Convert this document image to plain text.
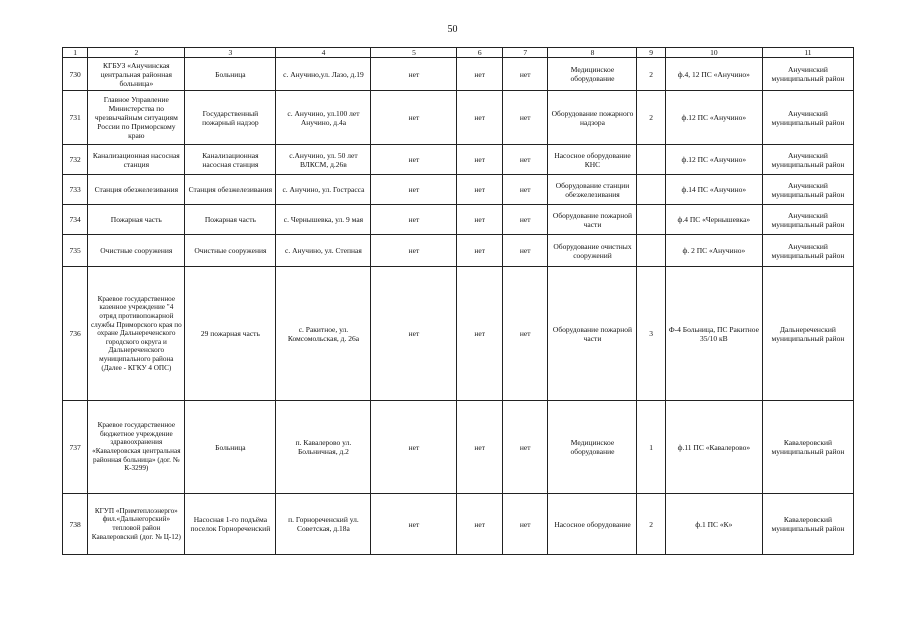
50
1	2	3	4	5	6	7	8	9	10	11
730	КГБУЗ «Анучинская центральная районная больница»	Больница	с. Анучино,ул. Лазо, д.19	нет	нет	нет	Медицинское оборудование	2	ф.4, 12 ПС «Анучино»	Анучинский муниципальный район
731	Главное Управление Министерства по чрезвычайным ситуациям России по Приморскому краю	Государственный пожарный надзор	с. Анучино, ул.100 лет Анучино, д.4а	нет	нет	нет	Оборудование пожарного надзора	2	ф.12 ПС «Анучино»	Анучинский муниципальный район
732	Канализационная насосная станция	Канализационная насосная станция	с.Анучино, ул. 50 лет ВЛКСМ, д.26в	нет	нет	нет	Насосное оборудование КНС		ф.12 ПС «Анучино»	Анучинский муниципальный район
733	Станция обезжелезивания	Станция обезжелезивания	с. Анучино, ул. Гострасса	нет	нет	нет	Оборудование станции обезжелезивания		ф.14 ПС «Анучино»	Анучинский муниципальный район
734	Пожарная часть	Пожарная часть	с. Чернышевка, ул. 9 мая	нет	нет	нет	Оборудование пожарной части		ф.4 ПС «Чернышевка»	Анучинский муниципальный район
735	Очистные сооружения	Очистные сооружения	с. Анучино, ул. Степная	нет	нет	нет	Оборудование очистных сооружений		ф. 2 ПС «Анучино»	Анучинский муниципальный район
736	Краевое государственное казенное учреждение "4 отряд противопожарной службы Приморского края по охране Дальнереченского городского округа и Дальнереченского муниципального района (Далее - КГКУ 4 ОПС)	29 пожарная часть	с. Ракитное, ул. Комсомольская, д. 26а	нет	нет	нет	Оборудование пожарной части	3	Ф-4 Больница, ПС Ракитное 35/10 кВ	Дальнереченский муниципальный район
737	Краевое государственное бюджетное учреждение здравоохранения «Кавалеровская центральная районная больница» (дог. № К-3299)	Больница	п. Кавалерово ул. Больничная, д.2	нет	нет	нет	Медицинское оборудование	1	ф.11 ПС «Кавалерово»	Кавалеровский муниципальный район
738	КГУП «Примтеплоэнерго» фил.«Дальнегорский» тепловой район Кавалеровский (дог. № Ц-12)	Насосная 1-го подъёма поселок Горнореченский	п. Горнореченский ул. Советская, д.18а	нет	нет	нет	Насосное оборудование	2	ф.1 ПС «К»	Кавалеровский муниципальный район
